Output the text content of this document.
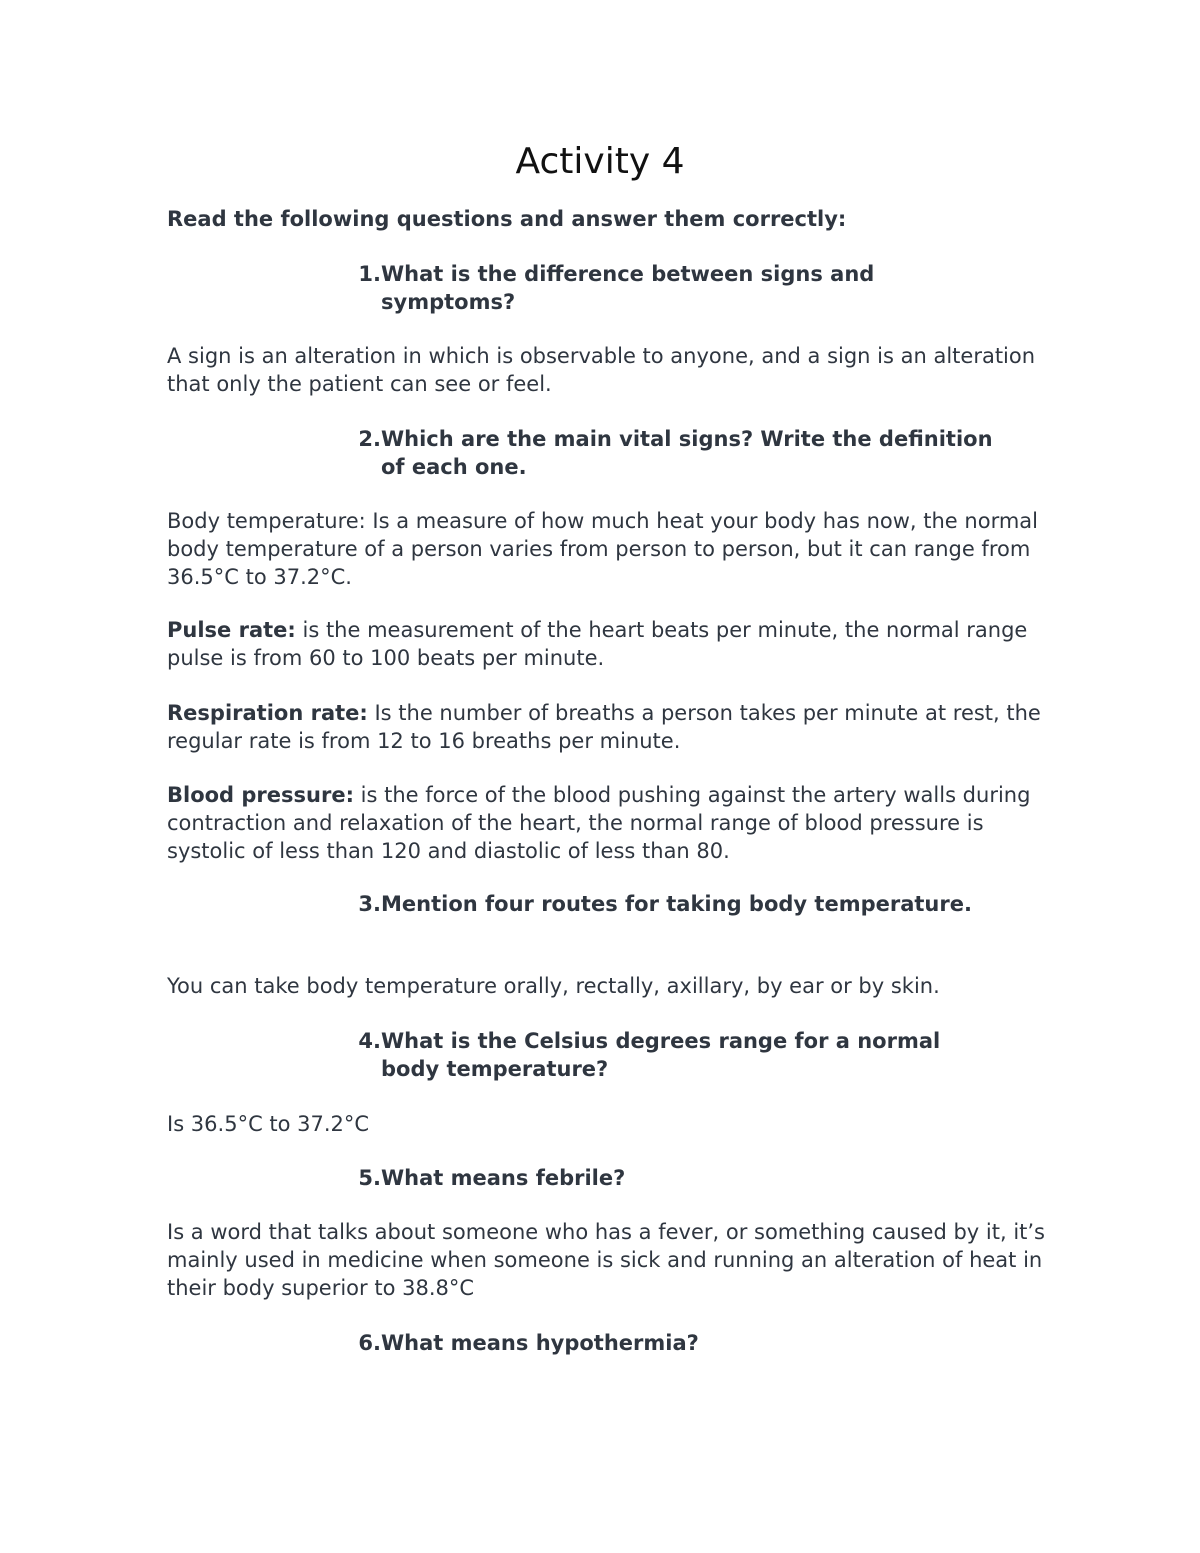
Activity 4

Read the following questions and answer them correctly:

1. What is the difference between signs and symptoms?

A sign is an alteration in which is observable to anyone, and a sign is an alteration that only the patient can see or feel.

2. Which are the main vital signs? Write the definition of each one.

Body temperature: Is a measure of how much heat your body has now, the normal body temperature of a person varies from person to person, but it can range from 36.5°C to 37.2°C.

Pulse rate: is the measurement of the heart beats per minute, the normal range pulse is from 60 to 100 beats per minute.

Respiration rate: Is the number of breaths a person takes per minute at rest, the regular rate is from 12 to 16 breaths per minute.

Blood pressure: is the force of the blood pushing against the artery walls during contraction and relaxation of the heart, the normal range of blood pressure is systolic of less than 120 and diastolic of less than 80.

3. Mention four routes for taking body temperature.

You can take body temperature orally, rectally, axillary, by ear or by skin.

4. What is the Celsius degrees range for a normal body temperature?

Is 36.5°C to 37.2°C

5. What means febrile?

Is a word that talks about someone who has a fever, or something caused by it, it’s mainly used in medicine when someone is sick and running an alteration of heat in their body superior to 38.8°C

6. What means hypothermia?
